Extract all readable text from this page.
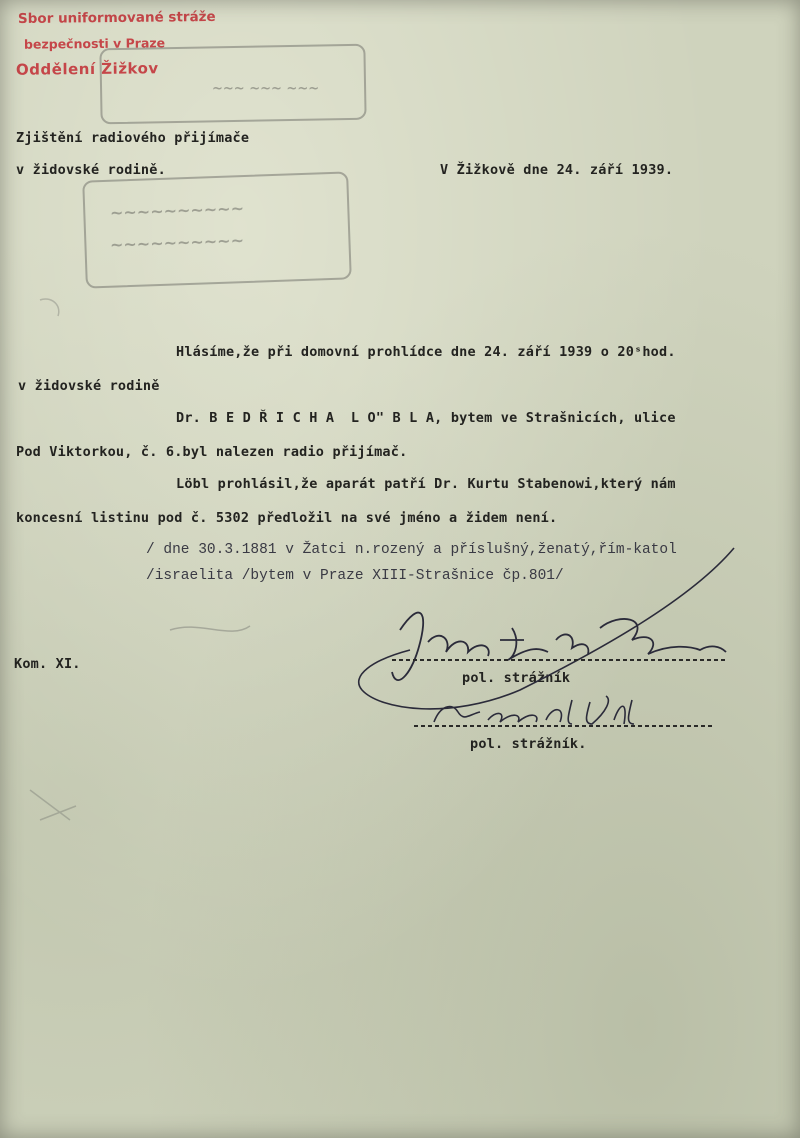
Sbor uniformované stráže
bezpečnosti v Praze
Oddělení Žižkov
~~~ ~~~ ~~~
~~~~~~~~~~
~~~~~~~~~~
Zjištění radiového přijímače
v židovské rodině.	V Žižkově dne 24. září 1939.
Hlásíme,že při domovní prohlídce dne 24. září 1939 o 20ˢhod.
v židovské rodině
Dr. B E D Ř I C H A  L O" B L A, bytem ve Strašnicích, ulice
Pod Viktorkou, č. 6.byl nalezen radio přijímač.
Löbl prohlásil,že aparát patří Dr. Kurtu Stabenowi,který nám
koncesní listinu pod č. 5302 předložil na své jméno a židem není.
/ dne 30.3.1881 v Žatci n.rozený a příslušný,ženatý,řím-katol
/israelita /bytem v Praze XIII-Strašnice čp.801/
Kom. XI.
pol. strážník
pol. strážník.
